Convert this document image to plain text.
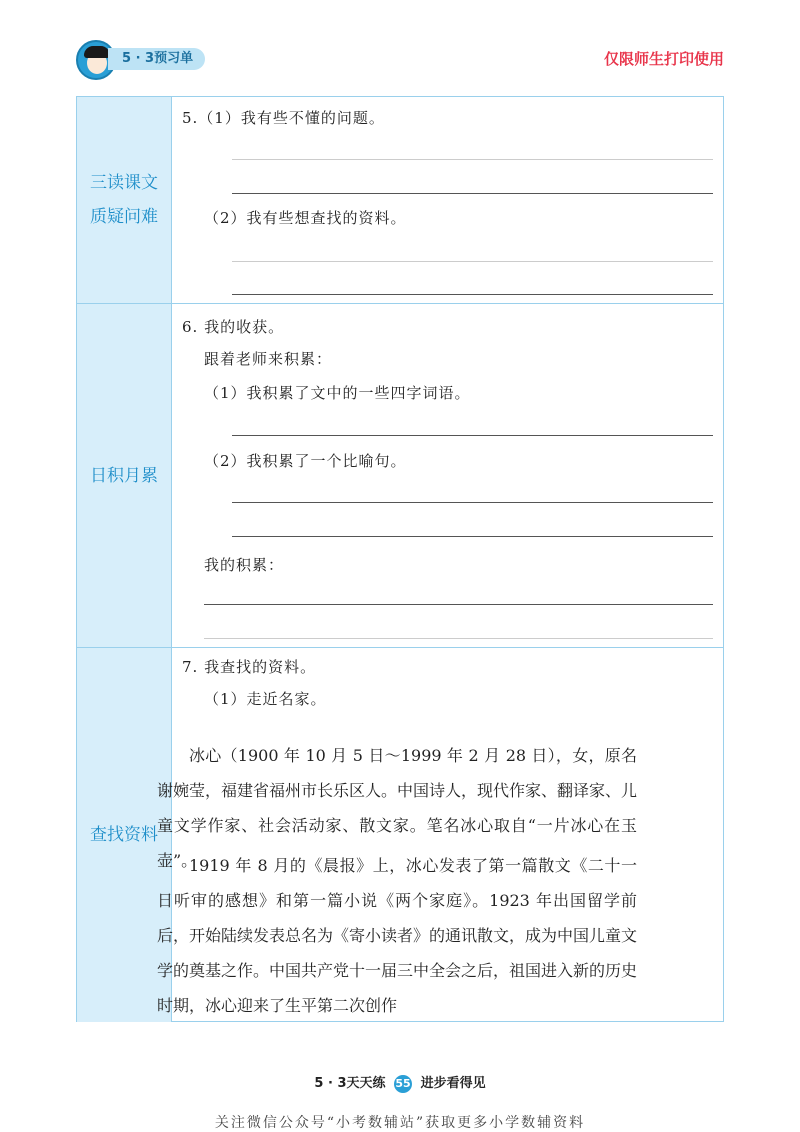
5 · 3预习单	仅限师生打印使用
三读课文
质疑问难
5.（1）我有些不懂的问题。
（2）我有些想查找的资料。
日积月累
6. 我的收获。
跟着老师来积累：
（1）我积累了文中的一些四字词语。
（2）我积累了一个比喻句。
我的积累：
查找资料
7. 我查找的资料。
（1）走近名家。
冰心（1900 年 10 月 5 日～1999 年 2 月 28 日），女，原名谢婉莹，福建省福州市长乐区人。中国诗人，现代作家、翻译家、儿童文学作家、社会活动家、散文家。笔名冰心取自“一片冰心在玉壶”。
1919 年 8 月的《晨报》上，冰心发表了第一篇散文《二十一日听审的感想》和第一篇小说《两个家庭》。1923 年出国留学前后，开始陆续发表总名为《寄小读者》的通讯散文，成为中国儿童文学的奠基之作。中国共产党十一届三中全会之后，祖国进入新的历史时期，冰心迎来了生平第二次创作
5 · 3天天练 55 进步看得见
关注微信公众号“小考数辅站”获取更多小学数辅资料
